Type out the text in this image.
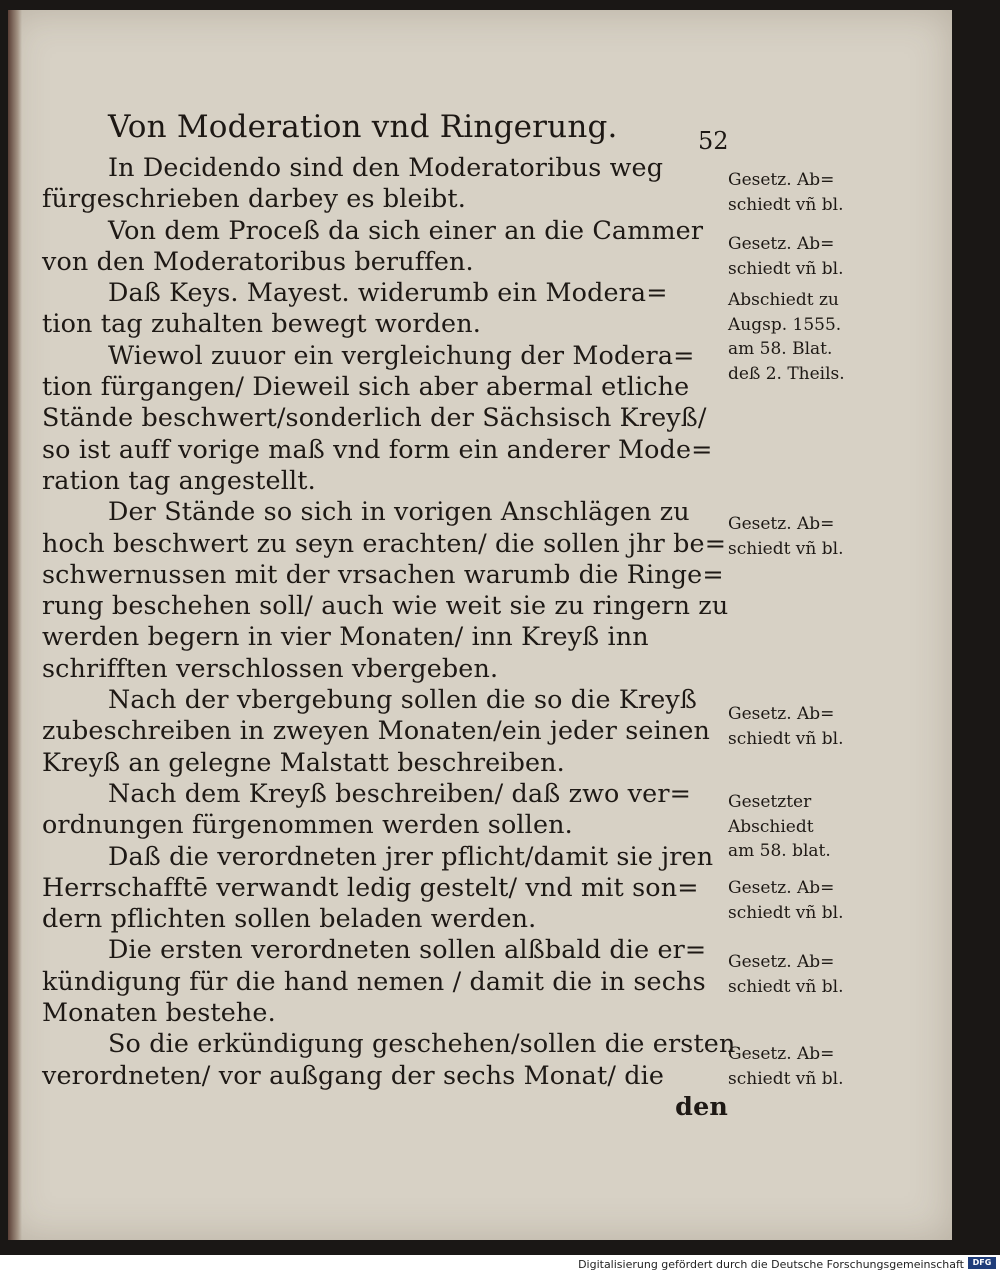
Von Moderation vnd Ringerung.	52
In Decidendo sind den Moderatoribus weg
fürgeschrieben darbey es bleibt.
Von dem Proceß da sich einer an die Cammer
von den Moderatoribus beruffen.
Daß Keys. Mayest. widerumb ein Modera=
tion tag zuhalten bewegt worden.
Wiewol zuuor ein vergleichung der Modera=
tion fürgangen/ Dieweil sich aber abermal etliche
Stände beschwert/sonderlich der Sächsisch Kreyß/
so ist auff vorige maß vnd form ein anderer Mode=
ration tag angestellt.
Der Stände so sich in vorigen Anschlägen zu
hoch beschwert zu seyn erachten/ die sollen jhr be=
schwernussen mit der vrsachen warumb die Ringe=
rung beschehen soll/ auch wie weit sie zu ringern zu
werden begern in vier Monaten/ inn Kreyß inn
schrifften verschlossen vbergeben.
Nach der vbergebung sollen die so die Kreyß
zubeschreiben in zweyen Monaten/ein jeder seinen
Kreyß an gelegne Malstatt beschreiben.
Nach dem Kreyß beschreiben/ daß zwo ver=
ordnungen fürgenommen werden sollen.
Daß die verordneten jrer pflicht/damit sie jren
Herrschafftē verwandt ledig gestelt/ vnd mit son=
dern pflichten sollen beladen werden.
Die ersten verordneten sollen alßbald die er=
kündigung für die hand nemen / damit die in sechs
Monaten bestehe.
So die erkündigung geschehen/sollen die ersten
verordneten/ vor außgang der sechs Monat/ die
den
Gesetz. Ab=
schiedt vñ bl.
Gesetz. Ab=
schiedt vñ bl.
Abschiedt zu
Augsp. 1555.
am 58. Blat.
deß 2. Theils.
Gesetz. Ab=
schiedt vñ bl.
Gesetz. Ab=
schiedt vñ bl.
Gesetzter
Abschiedt
am 58. blat.
Gesetz. Ab=
schiedt vñ bl.
Gesetz. Ab=
schiedt vñ bl.
Gesetz. Ab=
schiedt vñ bl.
Digitalisierung gefördert durch die Deutsche Forschungsgemeinschaft	DFG
